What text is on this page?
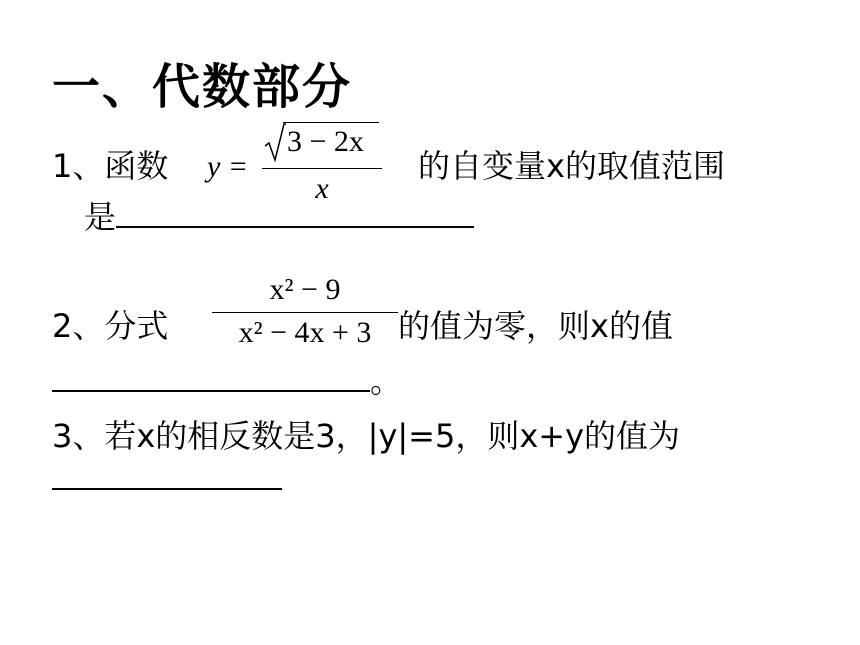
一、代数部分
1、函数 y =
3 − 2x
x
的自变量x的取值范围
是
2、分式
x² − 9
x² − 4x + 3 的值为零，则x的值
。
3、若x的相反数是3，|y|=5，则x+y的值为
